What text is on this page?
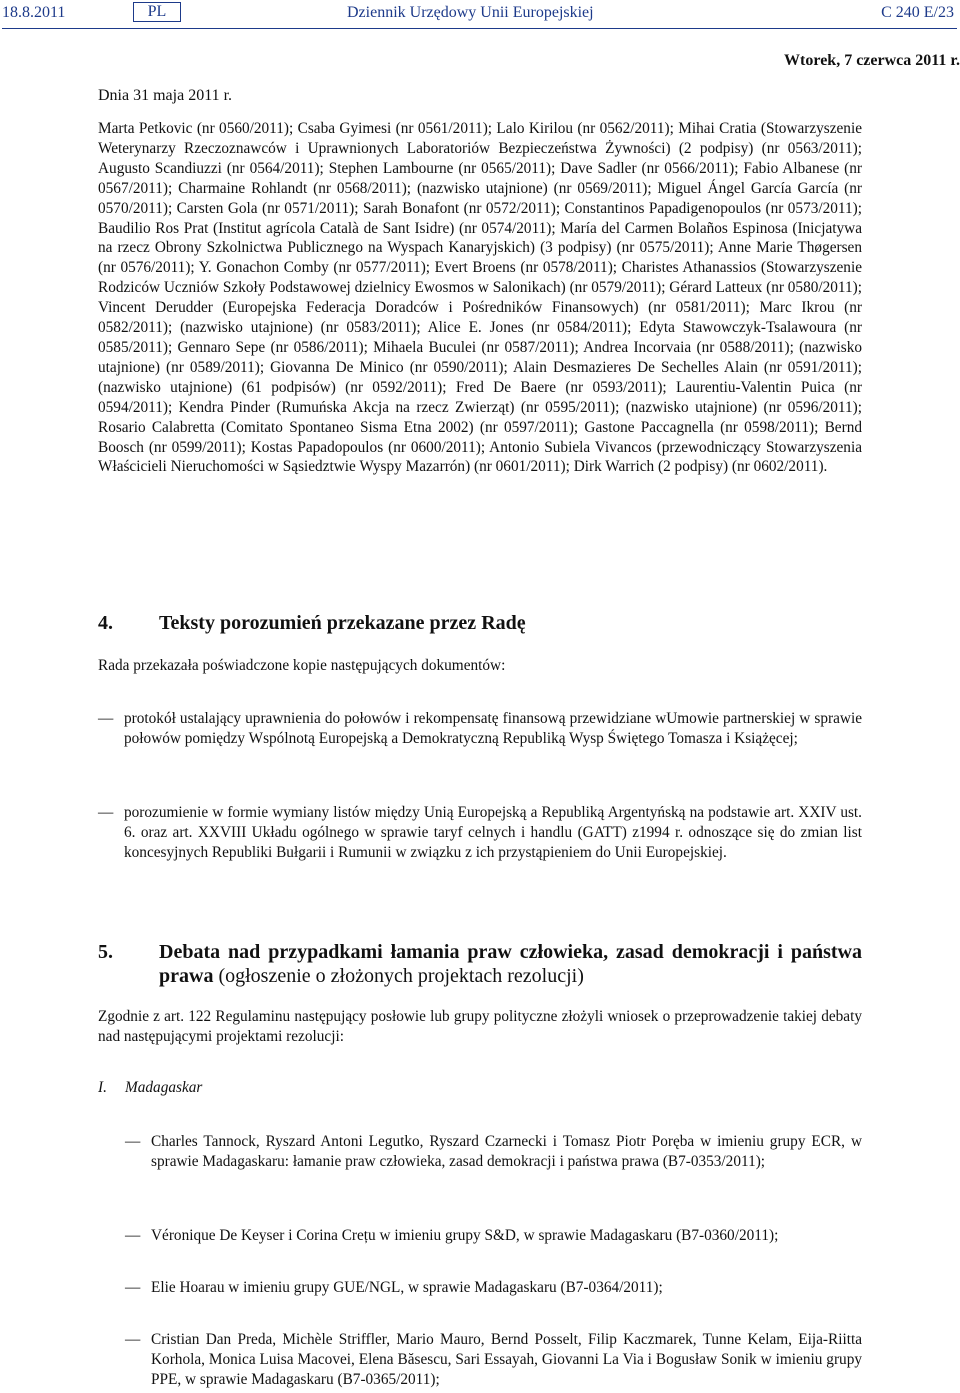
18.8.2011	PL	Dziennik Urzędowy Unii Europejskiej	C 240 E/23
Wtorek, 7 czerwca 2011 r.
Dnia 31 maja 2011 r.
Marta Petkovic (nr 0560/2011); Csaba Gyimesi (nr 0561/2011); Lalo Kirilou (nr 0562/2011); Mihai Cratia (Stowarzyszenie Weterynarzy Rzeczoznawców i Uprawnionych Laboratoriów Bezpieczeństwa Żywności) (2 podpisy) (nr 0563/2011); Augusto Scandiuzzi (nr 0564/2011); Stephen Lambourne (nr 0565/2011); Dave Sadler (nr 0566/2011); Fabio Albanese (nr 0567/2011); Charmaine Rohlandt (nr 0568/2011); (nazwisko utajnione) (nr 0569/2011); Miguel Ángel García García (nr 0570/2011); Carsten Gola (nr 0571/2011); Sarah Bonafont (nr 0572/2011); Constantinos Papadigenopoulos (nr 0573/2011); Baudilio Ros Prat (Institut agrícola Català de Sant Isidre) (nr 0574/2011); María del Carmen Bolaños Espinosa (Inicjatywa na rzecz Obrony Szkolnictwa Publicznego na Wyspach Kanaryjskich) (3 podpisy) (nr 0575/2011); Anne Marie Thøgersen (nr 0576/2011); Y. Gonachon Comby (nr 0577/2011); Evert Broens (nr 0578/2011); Charistes Athanassios (Stowarzyszenie Rodziców Uczniów Szkoły Podstawowej dzielnicy Ewosmos w Salonikach) (nr 0579/2011); Gérard Latteux (nr 0580/2011); Vincent Derudder (Europejska Federacja Doradców i Pośredników Finansowych) (nr 0581/2011); Marc Ikrou (nr 0582/2011); (nazwisko utajnione) (nr 0583/2011); Alice E. Jones (nr 0584/2011); Edyta Stawowczyk-Tsalawoura (nr 0585/2011); Gennaro Sepe (nr 0586/2011); Mihaela Buculei (nr 0587/2011); Andrea Incorvaia (nr 0588/2011); (nazwisko utajnione) (nr 0589/2011); Giovanna De Minico (nr 0590/2011); Alain Desmazieres De Sechelles Alain (nr 0591/2011); (nazwisko utajnione) (61 podpisów) (nr 0592/2011); Fred De Baere (nr 0593/2011); Laurentiu-Valentin Puica (nr 0594/2011); Kendra Pinder (Rumuńska Akcja na rzecz Zwierząt) (nr 0595/2011); (nazwisko utajnione) (nr 0596/2011); Rosario Calabretta (Comitato Spontaneo Sisma Etna 2002) (nr 0597/2011); Gastone Paccagnella (nr 0598/2011); Bernd Boosch (nr 0599/2011); Kostas Papadopoulos (nr 0600/2011); Antonio Subiela Vivancos (przewodniczący Stowarzyszenia Właścicieli Nieruchomości w Sąsiedztwie Wyspy Mazarrón) (nr 0601/2011); Dirk Warrich (2 podpisy) (nr 0602/2011).
4. Teksty porozumień przekazane przez Radę
Rada przekazała poświadczone kopie następujących dokumentów:
— protokół ustalający uprawnienia do połowów i rekompensatę finansową przewidziane wUmowie partnerskiej w sprawie połowów pomiędzy Wspólnotą Europejską a Demokratyczną Republiką Wysp Świętego Tomasza i Książęcej;
— porozumienie w formie wymiany listów między Unią Europejską a Republiką Argentyńską na podstawie art. XXIV ust. 6. oraz art. XXVIII Układu ogólnego w sprawie taryf celnych i handlu (GATT) z1994 r. odnoszące się do zmian list koncesyjnych Republiki Bułgarii i Rumunii w związku z ich przystąpieniem do Unii Europejskiej.
5. Debata nad przypadkami łamania praw człowieka, zasad demokracji i państwa prawa (ogłoszenie o złożonych projektach rezolucji)
Zgodnie z art. 122 Regulaminu następujący posłowie lub grupy polityczne złożyli wniosek o przeprowadzenie takiej debaty nad następującymi projektami rezolucji:
I. Madagaskar
— Charles Tannock, Ryszard Antoni Legutko, Ryszard Czarnecki i Tomasz Piotr Poręba w imieniu grupy ECR, w sprawie Madagaskaru: łamanie praw człowieka, zasad demokracji i państwa prawa (B7-0353/2011);
— Véronique De Keyser i Corina Crețu w imieniu grupy S&D, w sprawie Madagaskaru (B7-0360/2011);
— Elie Hoarau w imieniu grupy GUE/NGL, w sprawie Madagaskaru (B7-0364/2011);
— Cristian Dan Preda, Michèle Striffler, Mario Mauro, Bernd Posselt, Filip Kaczmarek, Tunne Kelam, Eija-Riitta Korhola, Monica Luisa Macovei, Elena Băsescu, Sari Essayah, Giovanni La Via i Bogusław Sonik w imieniu grupy PPE, w sprawie Madagaskaru (B7-0365/2011);
